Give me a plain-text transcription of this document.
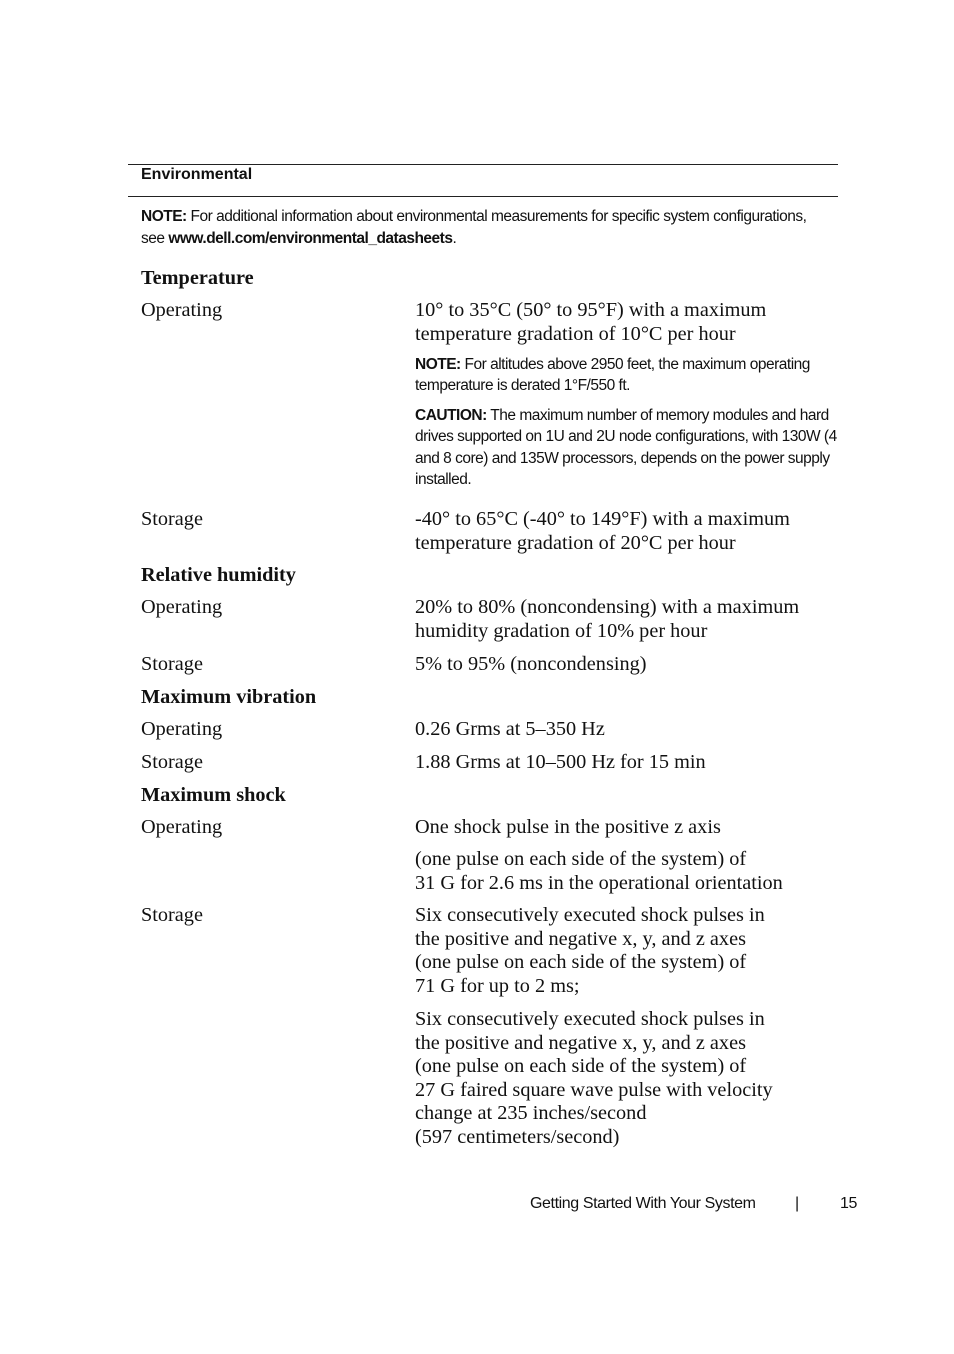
Environmental
NOTE: For additional information about environmental measurements for specific system configurations, see www.dell.com/environmental_datasheets.
Temperature
Operating	10° to 35°C (50° to 95°F) with a maximum temperature gradation of 10°C per hour
NOTE: For altitudes above 2950 feet, the maximum operating temperature is derated 1°F/550 ft.
CAUTION: The maximum number of memory modules and hard drives supported on 1U and 2U node configurations, with 130W (4 and 8 core) and 135W processors, depends on the power supply installed.
Storage	-40° to 65°C (-40° to 149°F) with a maximum temperature gradation of 20°C per hour
Relative humidity
Operating	20% to 80% (noncondensing) with a maximum humidity gradation of 10% per hour
Storage	5% to 95% (noncondensing)
Maximum vibration
Operating	0.26 Grms at 5–350 Hz
Storage	1.88 Grms at 10–500 Hz for 15 min
Maximum shock
Operating	One shock pulse in the positive z axis
(one pulse on each side of the system) of
31 G for 2.6 ms in the operational orientation
Storage	Six consecutively executed shock pulses in
the positive and negative x, y, and z axes
(one pulse on each side of the system) of
71 G for up to 2 ms;
Six consecutively executed shock pulses in
the positive and negative x, y, and z axes
(one pulse on each side of the system) of
27 G faired square wave pulse with velocity
change at 235 inches/second
(597 centimeters/second)
Getting Started With Your System |	15
